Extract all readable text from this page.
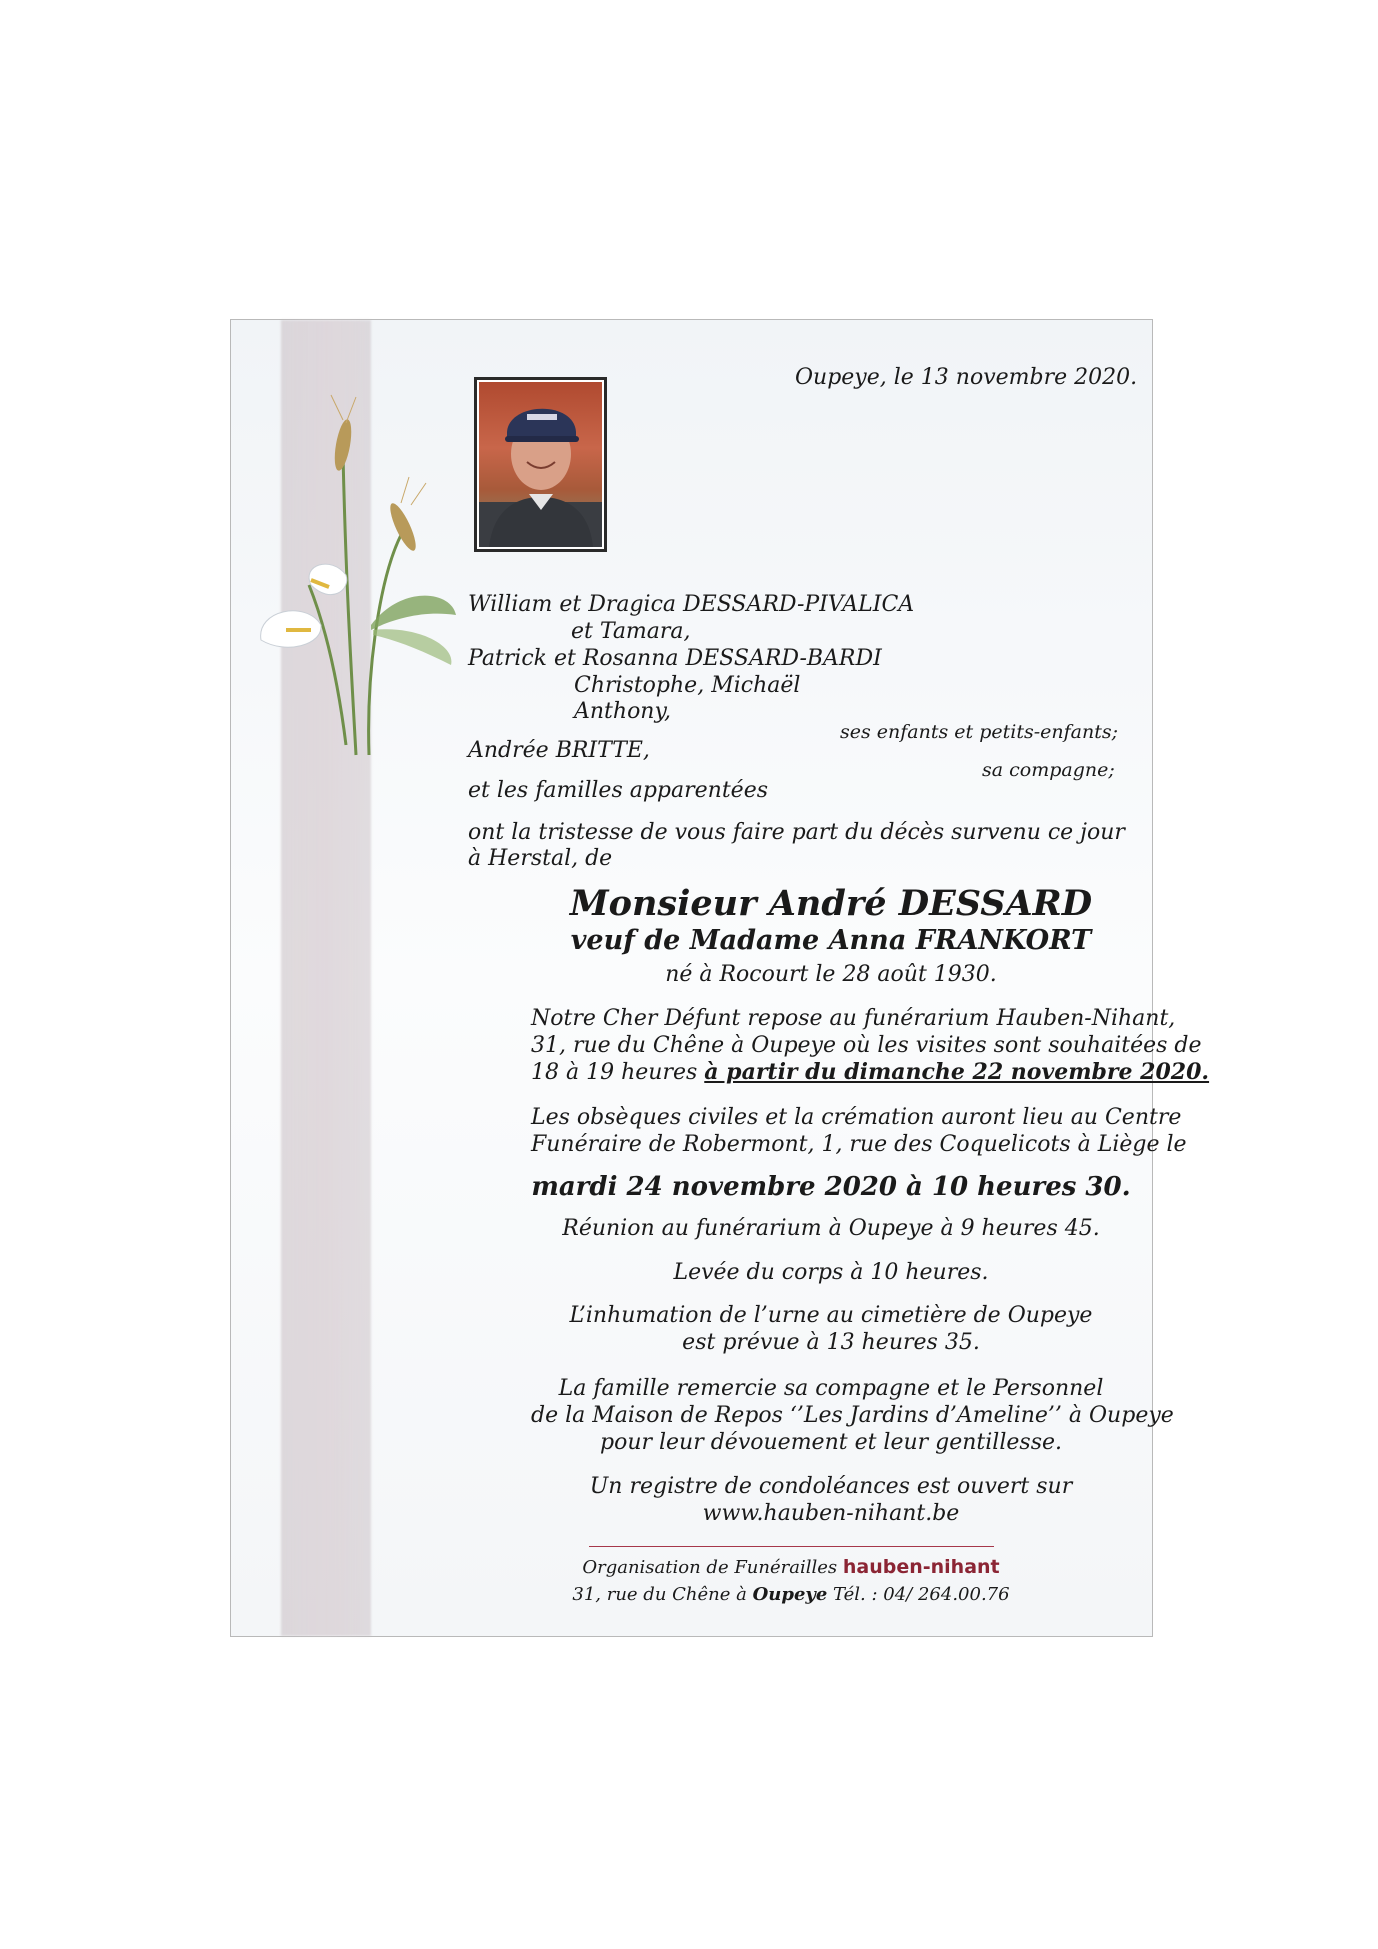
Oupeye, le 13 novembre 2020.
William et Dragica DESSARD-PIVALICA
et Tamara,
Patrick et Rosanna DESSARD-BARDI
Christophe, Michaël
Anthony,
ses enfants et petits-enfants;
Andrée BRITTE,
sa compagne;
et les familles apparentées
ont la tristesse de vous faire part du décès survenu ce jour
à Herstal, de
Monsieur André DESSARD
veuf de Madame Anna FRANKORT
né à Rocourt le 28 août 1930.
Notre Cher Défunt repose au funérarium Hauben-Nihant,
31, rue du Chêne à Oupeye où les visites sont souhaitées de
18 à 19 heures à partir du dimanche 22 novembre 2020.
Les obsèques civiles et la crémation auront lieu au Centre
Funéraire de Robermont, 1, rue des Coquelicots à Liège le
mardi 24 novembre 2020 à 10 heures 30.
Réunion au funérarium à Oupeye à 9 heures 45.
Levée du corps à 10 heures.
L’inhumation de l’urne au cimetière de Oupeye
est prévue à 13 heures 35.
La famille remercie sa compagne et le Personnel
de la Maison de Repos ‘’Les Jardins d’Ameline’’ à Oupeye
pour leur dévouement et leur gentillesse.
Un registre de condoléances est ouvert sur
www.hauben-nihant.be
Organisation de Funérailles hauben-nihant
31, rue du Chêne à Oupeye Tél. : 04/ 264.00.76
